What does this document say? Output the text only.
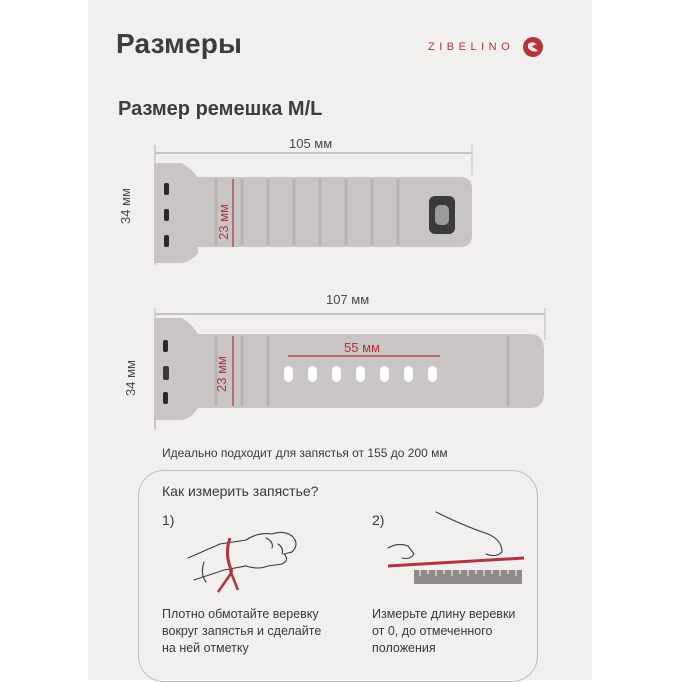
Размеры	ZIBELINO
Размер ремешка M/L
105 мм
34 мм	23 мм
107 мм
34 мм	23 мм
55 мм
Идеально подходит для запястья от 155 до 200 мм
Как измерить запястье?
1)
Плотно обмотайте веревку
вокруг запястья и сделайте
на ней отметку
2)
Измерьте длину веревки
от 0, до отмеченного
положения
